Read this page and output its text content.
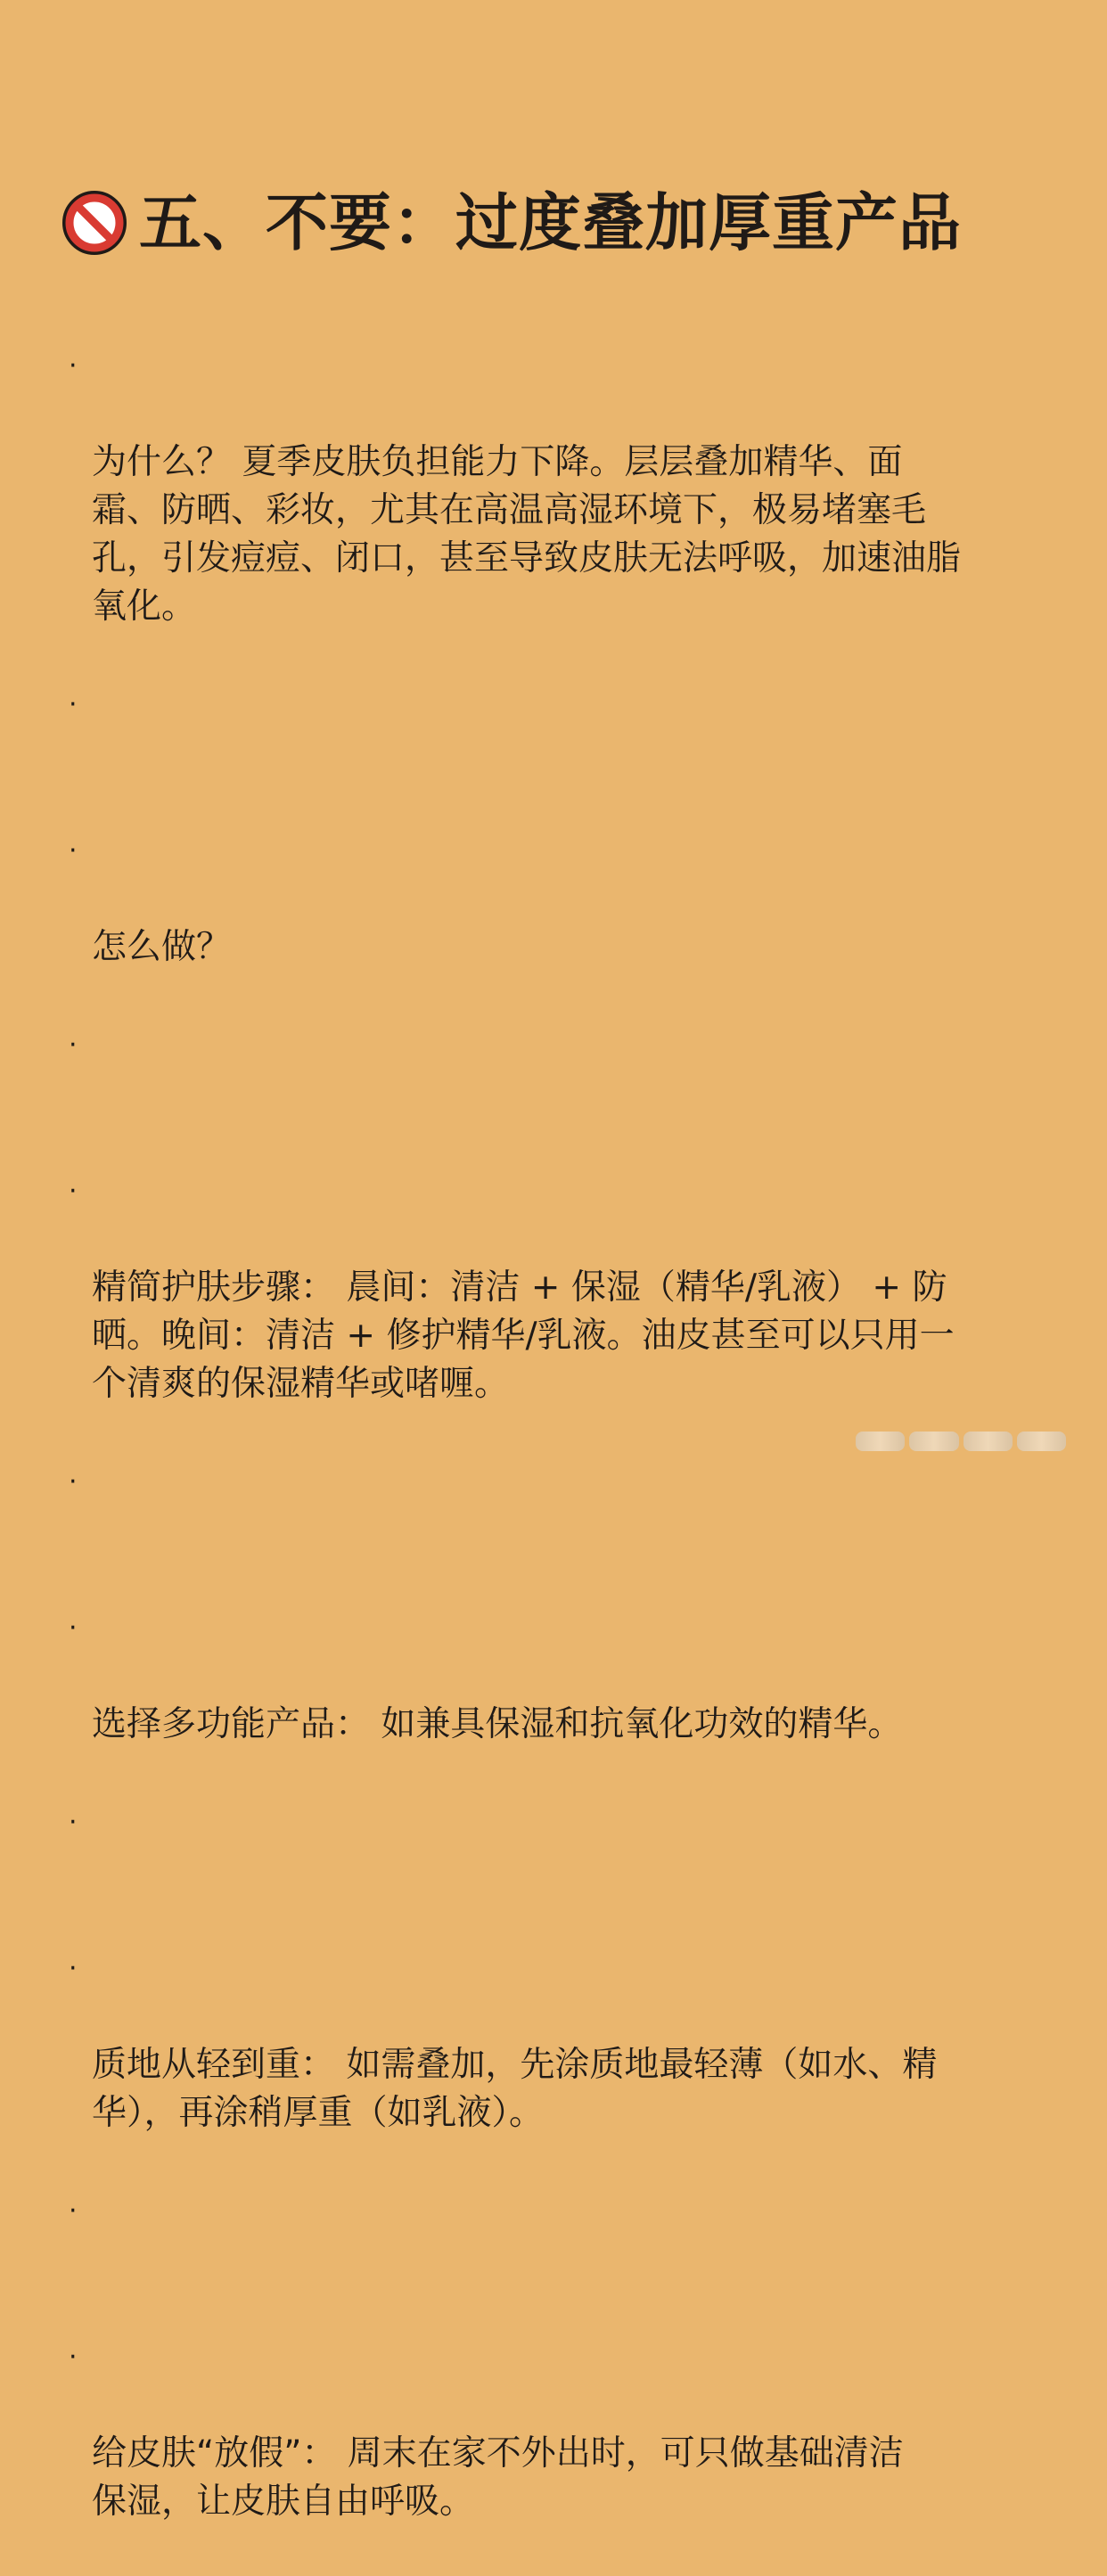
五、不要：过度叠加厚重产品

·

为什么？ 夏季皮肤负担能力下降。层层叠加精华、面
霜、防晒、彩妆，尤其在高温高湿环境下，极易堵塞毛
孔，引发痘痘、闭口，甚至导致皮肤无法呼吸，加速油脂
氧化。

·

·

怎么做？

·

·

精简护肤步骤： 晨间：清洁 + 保湿（精华/乳液） + 防
晒。晚间：清洁 + 修护精华/乳液。油皮甚至可以只用一
个清爽的保湿精华或啫喱。

·

·

选择多功能产品： 如兼具保湿和抗氧化功效的精华。

·

·

质地从轻到重： 如需叠加，先涂质地最轻薄（如水、精
华），再涂稍厚重（如乳液）。

·

·

给皮肤“放假”： 周末在家不外出时，可只做基础清洁
保湿，让皮肤自由呼吸。
